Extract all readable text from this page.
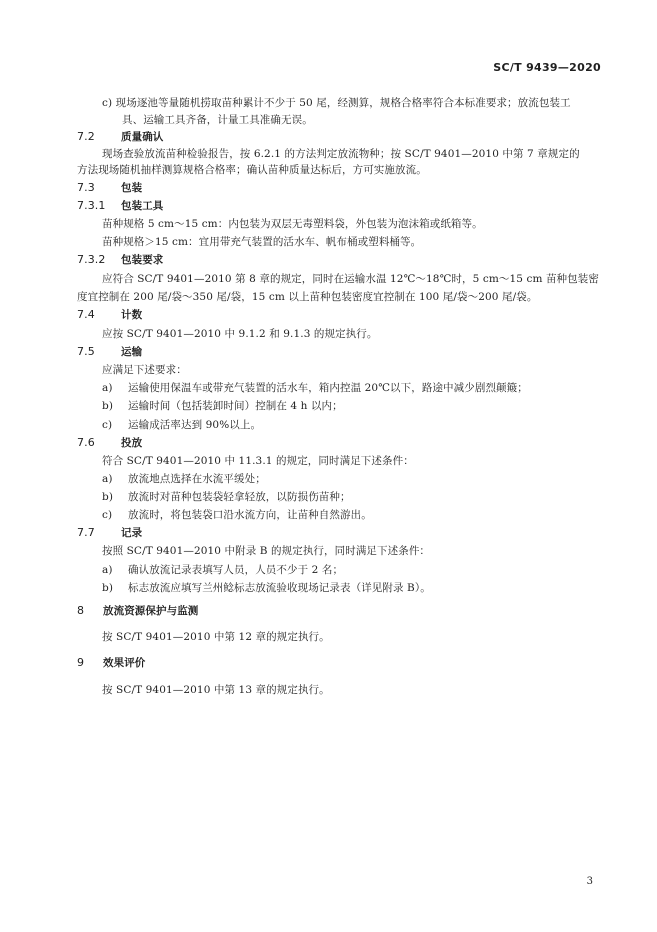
SC/T 9439—2020
c) 现场逐池等量随机捞取苗种累计不少于 50 尾，经测算，规格合格率符合本标准要求；放流包装工
具、运输工具齐备，计量工具准确无误。
7.2 质量确认
现场查验放流苗种检验报告，按 6.2.1 的方法判定放流物种；按 SC/T 9401—2010 中第 7 章规定的
方法现场随机抽样测算规格合格率；确认苗种质量达标后，方可实施放流。
7.3 包装
7.3.1 包装工具
苗种规格 5 cm～15 cm：内包装为双层无毒塑料袋，外包装为泡沫箱或纸箱等。
苗种规格＞15 cm：宜用带充气装置的活水车、帆布桶或塑料桶等。
7.3.2 包装要求
应符合 SC/T 9401—2010 第 8 章的规定，同时在运输水温 12℃～18℃时，5 cm～15 cm 苗种包装密
度宜控制在 200 尾/袋～350 尾/袋，15 cm 以上苗种包装密度宜控制在 100 尾/袋～200 尾/袋。
7.4 计数
应按 SC/T 9401—2010 中 9.1.2 和 9.1.3 的规定执行。
7.5 运输
应满足下述要求：
a) 运输使用保温车或带充气装置的活水车，箱内控温 20℃以下，路途中减少剧烈颠簸；
b) 运输时间（包括装卸时间）控制在 4 h 以内；
c) 运输成活率达到 90%以上。
7.6 投放
符合 SC/T 9401—2010 中 11.3.1 的规定，同时满足下述条件：
a) 放流地点选择在水流平缓处；
b) 放流时对苗种包装袋轻拿轻放，以防损伤苗种；
c) 放流时，将包装袋口沿水流方向，让苗种自然游出。
7.7 记录
按照 SC/T 9401—2010 中附录 B 的规定执行，同时满足下述条件：
a) 确认放流记录表填写人员，人员不少于 2 名；
b) 标志放流应填写兰州鲶标志放流验收现场记录表（详见附录 B）。
8 放流资源保护与监测
按 SC/T 9401—2010 中第 12 章的规定执行。
9 效果评价
按 SC/T 9401—2010 中第 13 章的规定执行。
3
